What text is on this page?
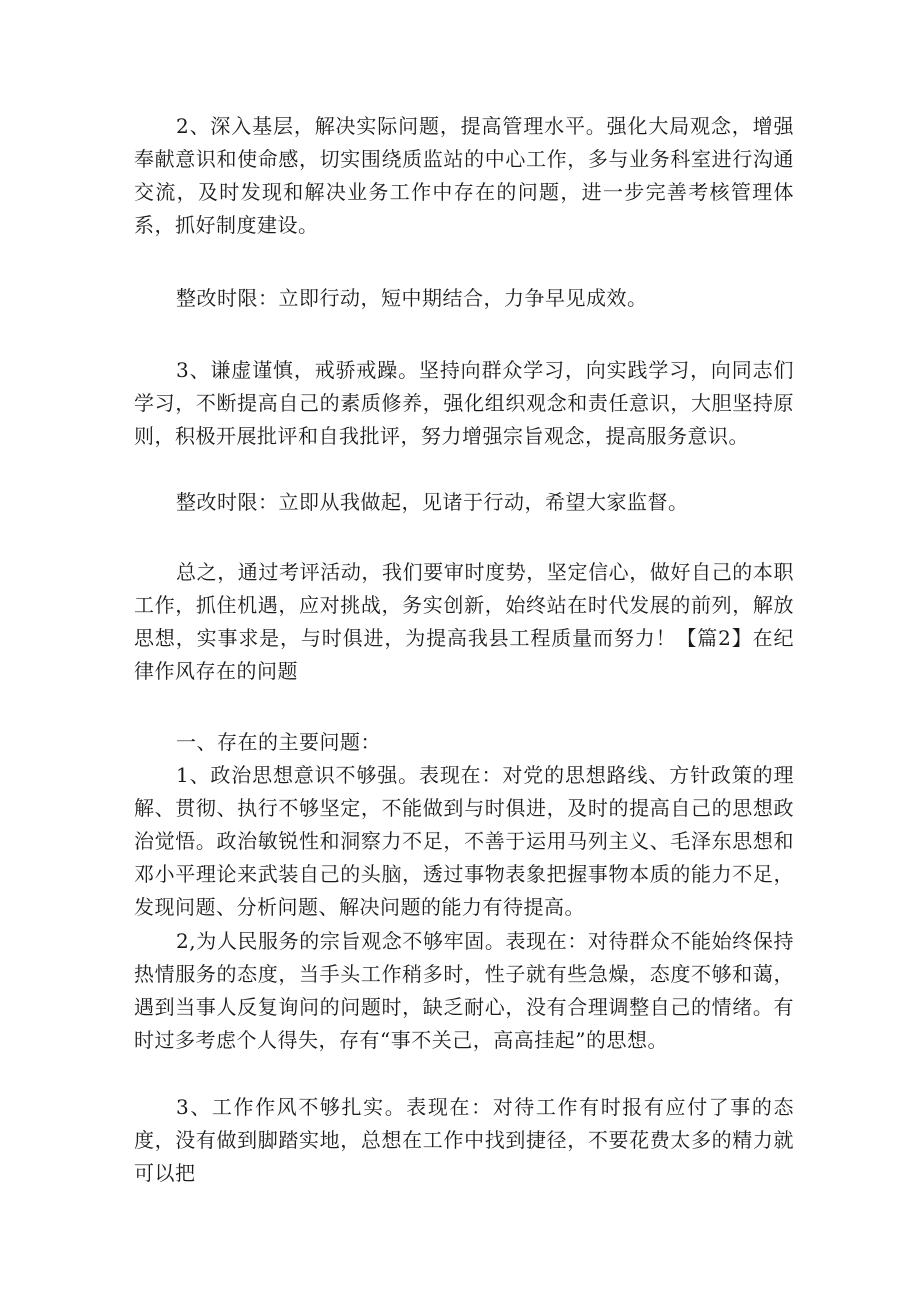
2、深入基层，解决实际问题，提高管理水平。强化大局观念，增强奉献意识和使命感，切实围绕质监站的中心工作，多与业务科室进行沟通交流，及时发现和解决业务工作中存在的问题，进一步完善考核管理体系，抓好制度建设。

整改时限：立即行动，短中期结合，力争早见成效。

3、谦虚谨慎，戒骄戒躁。坚持向群众学习，向实践学习，向同志们学习，不断提高自己的素质修养，强化组织观念和责任意识，大胆坚持原则，积极开展批评和自我批评，努力增强宗旨观念，提高服务意识。

整改时限：立即从我做起，见诸于行动，希望大家监督。

总之，通过考评活动，我们要审时度势，坚定信心，做好自己的本职工作，抓住机遇，应对挑战，务实创新，始终站在时代发展的前列，解放思想，实事求是，与时俱进，为提高我县工程质量而努力！【篇2】在纪律作风存在的问题

一、存在的主要问题：

1、政治思想意识不够强。表现在：对党的思想路线、方针政策的理解、贯彻、执行不够坚定，不能做到与时俱进，及时的提高自己的思想政治觉悟。政治敏锐性和洞察力不足，不善于运用马列主义、毛泽东思想和邓小平理论来武装自己的头脑，透过事物表象把握事物本质的能力不足，发现问题、分析问题、解决问题的能力有待提高。

2,为人民服务的宗旨观念不够牢固。表现在：对待群众不能始终保持热情服务的态度，当手头工作稍多时，性子就有些急燥，态度不够和蔼，遇到当事人反复询问的问题时，缺乏耐心，没有合理调整自己的情绪。有时过多考虑个人得失，存有“事不关己，高高挂起”的思想。

3、工作作风不够扎实。表现在：对待工作有时报有应付了事的态度，没有做到脚踏实地，总想在工作中找到捷径，不要花费太多的精力就可以把
